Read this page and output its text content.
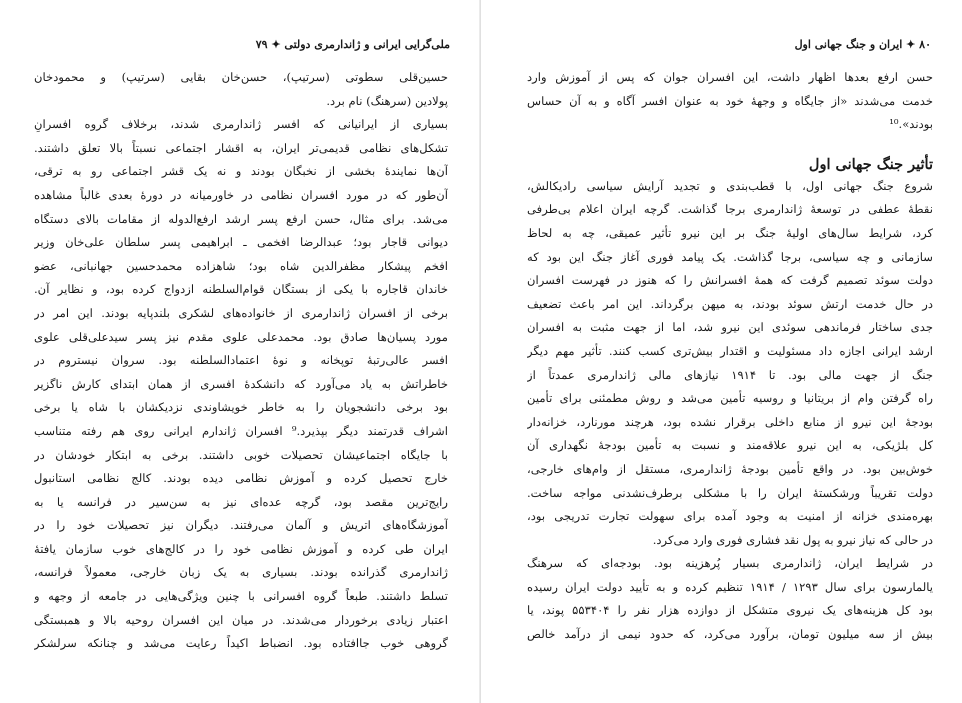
ملی‌گرایی ایرانی و ژاندارمری دولتی ✦ ۷۹
حسین‌قلی سطوتی (سرتیپ)، حسن‌خان بقایی (سرتیپ) و محمودخان
پولادین (سرهنگ) نام برد.
بسیاری از ایرانیانی که افسر ژاندارمری شدند، برخلاف گروه افسرانِ
تشکل‌های نظامی قدیمی‌تر ایران، به اقشار اجتماعی نسبتاً بالا تعلق داشتند.
آن‌ها نمایندهٔ بخشی از نخبگان بودند و نه یک قشر اجتماعی رو به ترقی،
آن‌طور که در مورد افسران نظامی در خاورمیانه در دورهٔ بعدی غالباً مشاهده
می‌شد. برای مثال، حسن ارفع پسر ارشد ارفع‌الدوله از مقامات بالای دستگاه
دیوانی قاجار بود؛ عبدالرضا افخمی ـ ابراهیمی پسر سلطان علی‌خان وزیر
افخم پیشکار مظفرالدین شاه بود؛ شاهزاده محمدحسین جهانبانی، عضو
خاندان قاجاره با یکی از بستگان قوام‌السلطنه ازدواج کرده بود، و نظایر آن.
برخی از افسران ژاندارمری از خانواده‌های لشکری بلندپایه بودند. این امر در
مورد پسیان‌ها صادق بود. محمدعلی علوی مقدم نیز پسر سیدعلی‌قلی علوی
افسر عالی‌رتبهٔ توپخانه و نوهٔ اعتمادالسلطنه بود. سروان نیستروم در
خاطراتش به یاد می‌آورد که دانشکدهٔ افسری از همان ابتدای کارش ناگزیر
بود برخی دانشجویان را به خاطر خویشاوندی نزدیکشان با شاه یا برخی
اشراف قدرتمند دیگر بپذیرد.⁹ افسران ژاندارم ایرانی روی هم رفته متناسب
با جایگاه اجتماعیشان تحصیلات خوبی داشتند. برخی به ابتکار خودشان در
خارج تحصیل کرده و آموزش نظامی دیده بودند. کالج نظامی استانبول
رایج‌ترین مقصد بود، گرچه عده‌ای نیز به سن‌سیر در فرانسه یا به
آموزشگاه‌های اتریش و آلمان می‌رفتند. دیگران نیز تحصیلات خود را در
ایران طی کرده و آموزش نظامی خود را در کالج‌های خوب سازمان یافتهٔ
ژاندارمری گذرانده بودند. بسیاری به یک زبان خارجی، معمولاً فرانسه،
تسلط داشتند. طبعاً گروه افسرانی با چنین ویژگی‌هایی در جامعه از وجهه و
اعتبار زیادی برخوردار می‌شدند. در میان این افسران روحیه بالا و همبستگی
گروهی خوب جاافتاده بود. انضباط اکیداً رعایت می‌شد و چنانکه سرلشکر
۸۰ ✦ ایران و جنگ جهانی اول
حسن ارفع بعدها اظهار داشت، این افسران جوان که پس از آموزش وارد
خدمت می‌شدند «از جایگاه و وجههٔ خود به عنوان افسر آگاه و به آن حساس
بودند».¹⁰
تأثیر جنگ جهانی اول
شروع جنگ جهانی اول، با قطب‌بندی و تجدید آرایش سیاسی رادیکالش،
نقطهٔ عطفی در توسعهٔ ژاندارمری برجا گذاشت. گرچه ایران اعلام بی‌طرفی
کرد، شرایط سال‌های اولیهٔ جنگ بر این نیرو تأثیر عمیقی، چه به لحاظ
سازمانی و چه سیاسی، برجا گذاشت. یک پیامد فوری آغاز جنگ این بود که
دولت سوئد تصمیم گرفت که همهٔ افسرانش را که هنوز در فهرست افسران
در حال خدمت ارتش سوئد بودند، به میهن برگرداند. این امر باعث تضعیف
جدی ساختار فرماندهی سوئدی این نیرو شد، اما از جهت مثبت به افسران
ارشد ایرانی اجازه داد مسئولیت و اقتدار بیش‌تری کسب کنند. تأثیر مهم دیگر
جنگ از جهت مالی بود. تا ۱۹۱۴ نیازهای مالی ژاندارمری عمدتاً از
راه گرفتن وام از بریتانیا و روسیه تأمین می‌شد و روش مطمئنی برای تأمین
بودجهٔ این نیرو از منابع داخلی برقرار نشده بود، هرچند مورنارد، خزانه‌دار
کل بلژیکی، به این نیرو علاقه‌مند و نسبت به تأمین بودجهٔ نگهداری آن
خوش‌بین بود. در واقع تأمین بودجهٔ ژاندارمری، مستقل از وام‌های خارجی،
دولت تقریباً ورشکستهٔ ایران را با مشکلی برطرف‌نشدنی مواجه ساخت.
بهره‌مندی خزانه از امنیت به وجود آمده برای سهولت تجارت تدریجی بود،
در حالی که نیاز نیرو به پول نقد فشاری فوری وارد می‌کرد.
در شرایط ایران، ژاندارمری بسیار پُرهزینه بود. بودجه‌ای که سرهنگ
یالمارسون برای سال ۱۲۹۳ / ۱۹۱۴ تنظیم کرده و به تأیید دولت ایران رسیده
بود کل هزینه‌های یک نیروی متشکل از دوازده هزار نفر را ۵۵۳۴۰۴ پوند، یا
بیش از سه میلیون تومان، برآورد می‌کرد، که حدود نیمی از درآمد خالص
